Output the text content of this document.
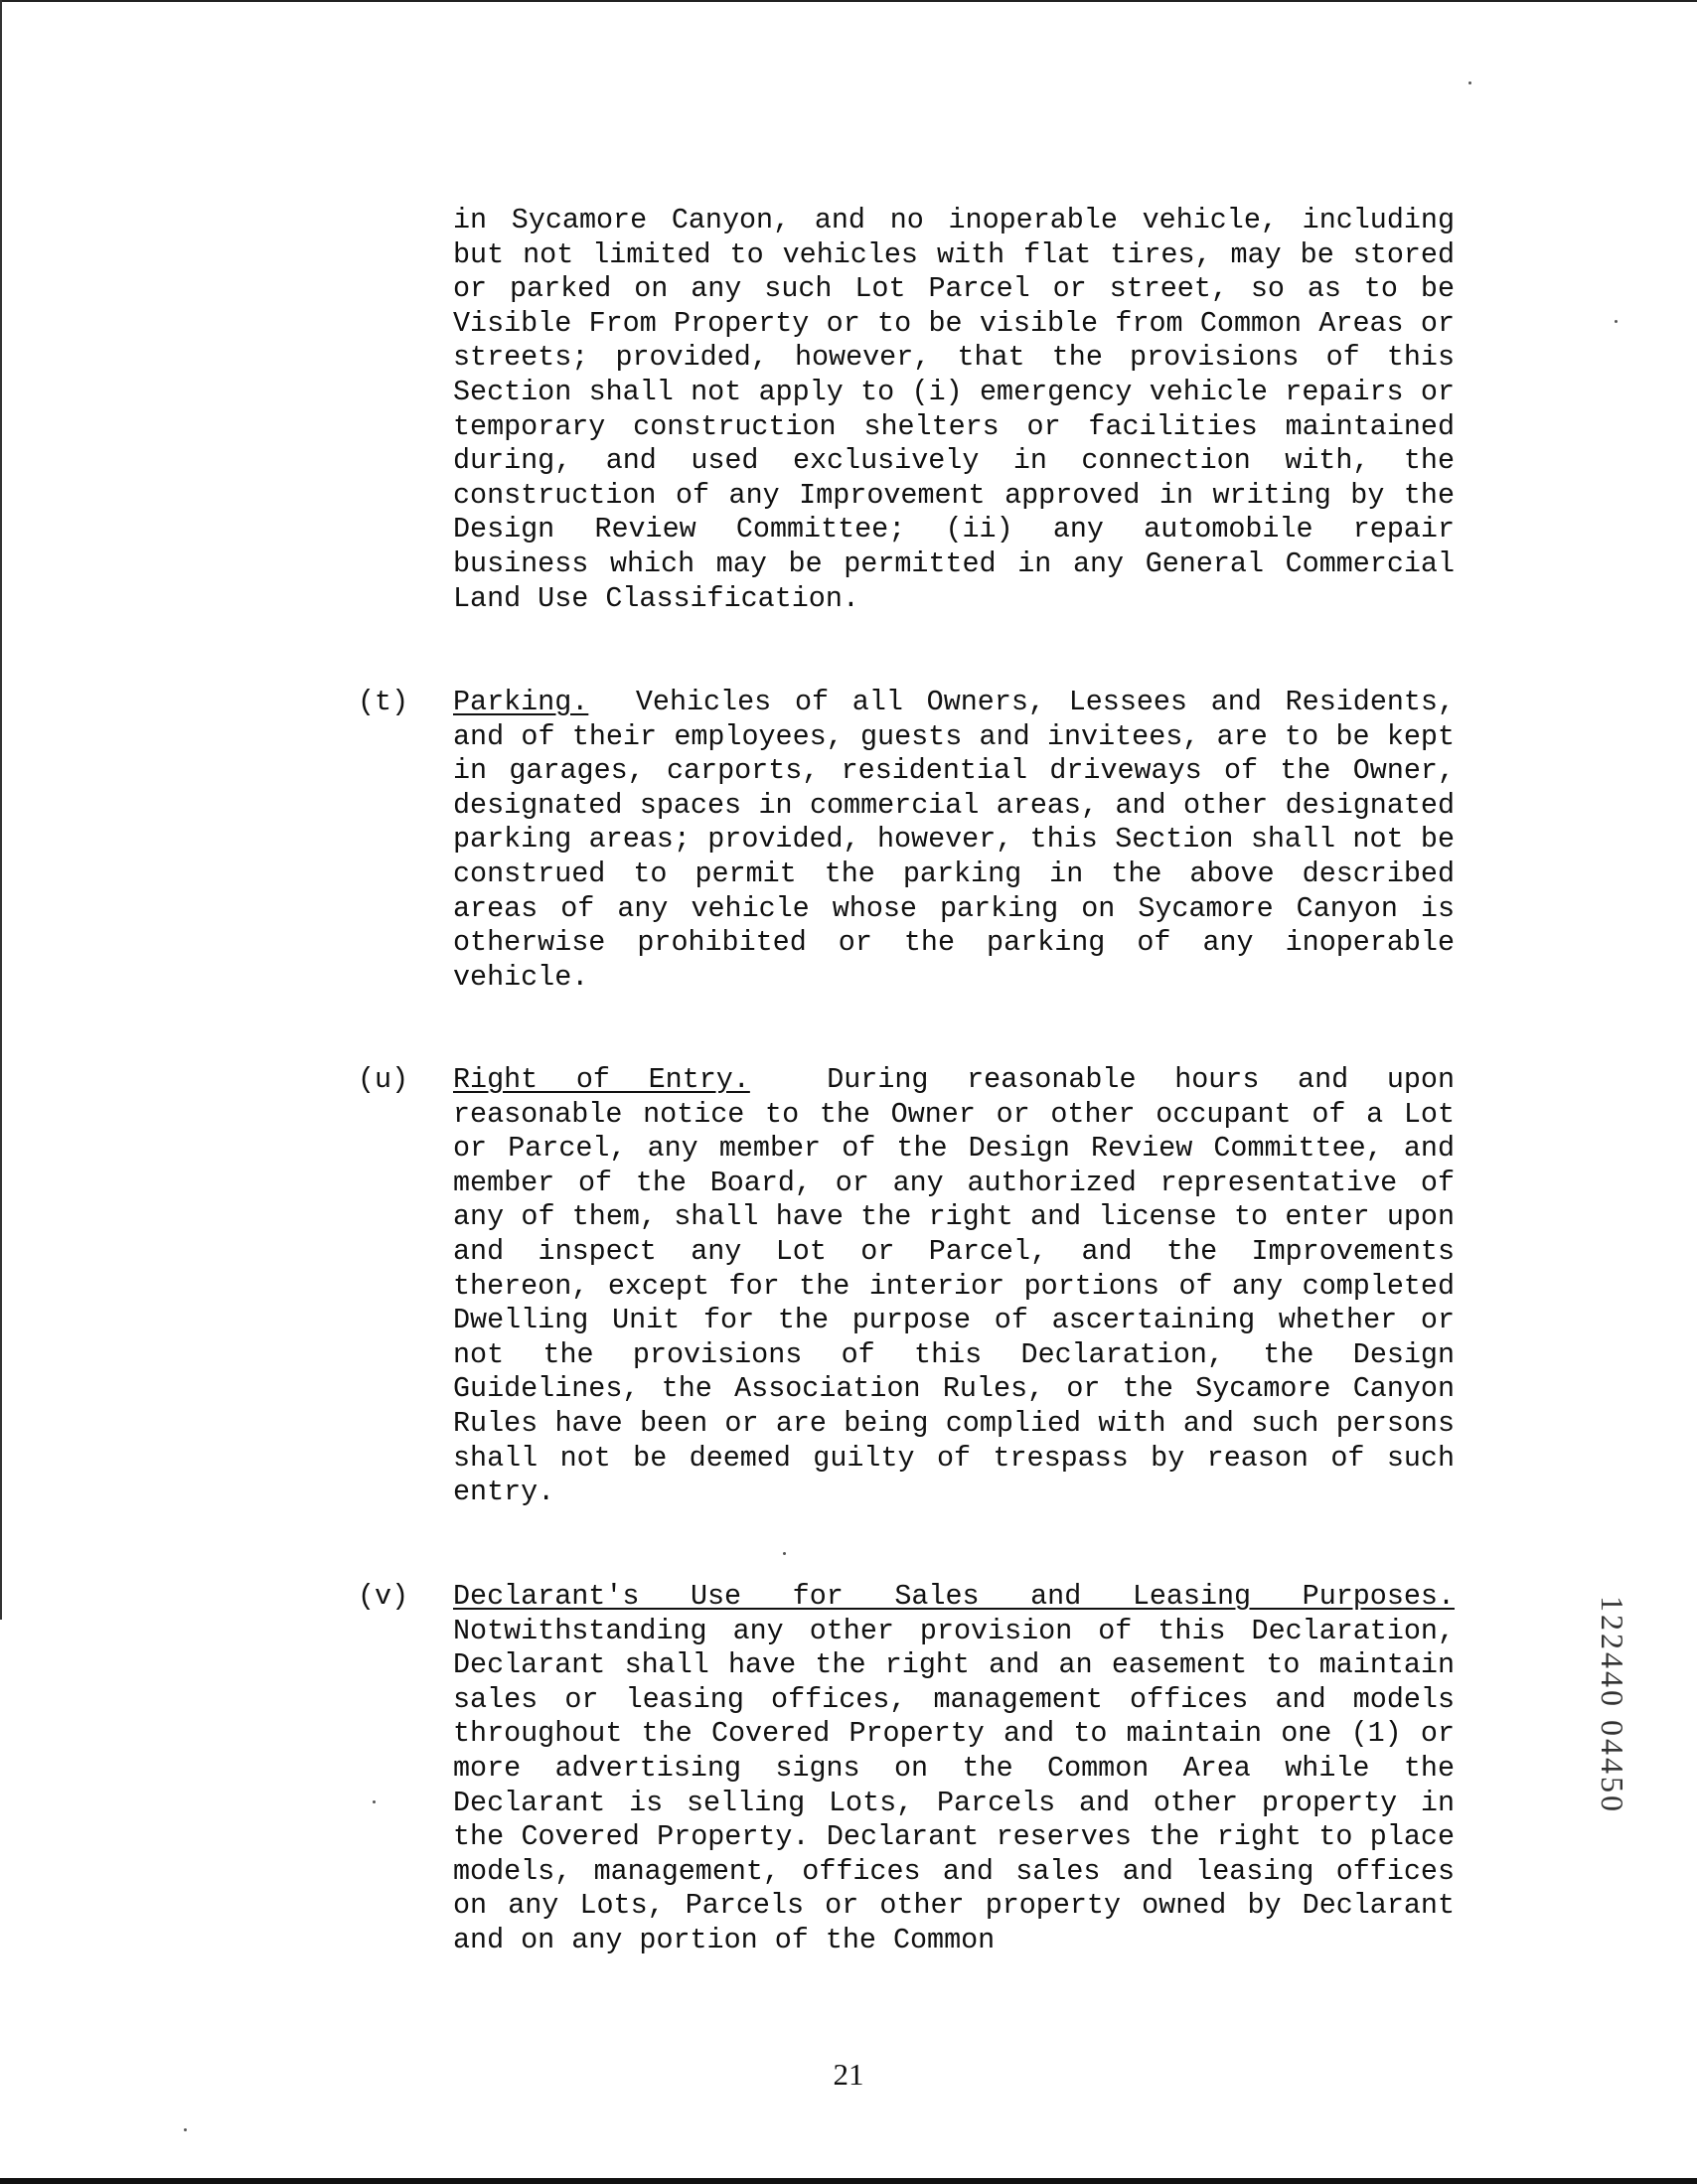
in Sycamore Canyon, and no inoperable vehicle, including but not limited to vehicles with flat tires, may be stored or parked on any such Lot Parcel or street, so as to be Visible From Property or to be visible from Common Areas or streets; provided, however, that the provisions of this Section shall not apply to (i) emergency vehicle repairs or temporary construction shelters or facilities maintained during, and used exclusively in connection with, the construction of any Improvement approved in writing by the Design Review Committee; (ii) any automobile repair business which may be permitted in any General Commercial Land Use Classification.
(t) Parking. Vehicles of all Owners, Lessees and Residents, and of their employees, guests and invitees, are to be kept in garages, carports, residential driveways of the Owner, designated spaces in commercial areas, and other designated parking areas; provided, however, this Section shall not be construed to permit the parking in the above described areas of any vehicle whose parking on Sycamore Canyon is otherwise prohibited or the parking of any inoperable vehicle.
(u) Right of Entry.	During reasonable hours and upon reasonable notice to the Owner or other occupant of a Lot or Parcel, any member of the Design Review Committee, and member of the Board, or any authorized representative of any of them, shall have the right and license to enter upon and inspect any Lot or Parcel, and the Improvements thereon, except for the interior portions of any completed Dwelling Unit for the purpose of ascertaining whether or not the provisions of this Declaration, the Design Guidelines, the Association Rules, or the Sycamore Canyon Rules have been or are being complied with and such persons shall not be deemed guilty of trespass by reason of such entry.
(v) Declarant's Use for Sales and Leasing Purposes. Notwithstanding any other provision of this Declaration, Declarant shall have the right and an easement to maintain sales or leasing offices, management offices and models throughout the Covered Property and to maintain one (1) or more advertising signs on the Common Area while the Declarant is selling Lots, Parcels and other property in the Covered Property. Declarant reserves the right to place models, management, offices and sales and leasing offices on any Lots, Parcels or other property owned by Declarant and on any portion of the Common
122440 04450
21
